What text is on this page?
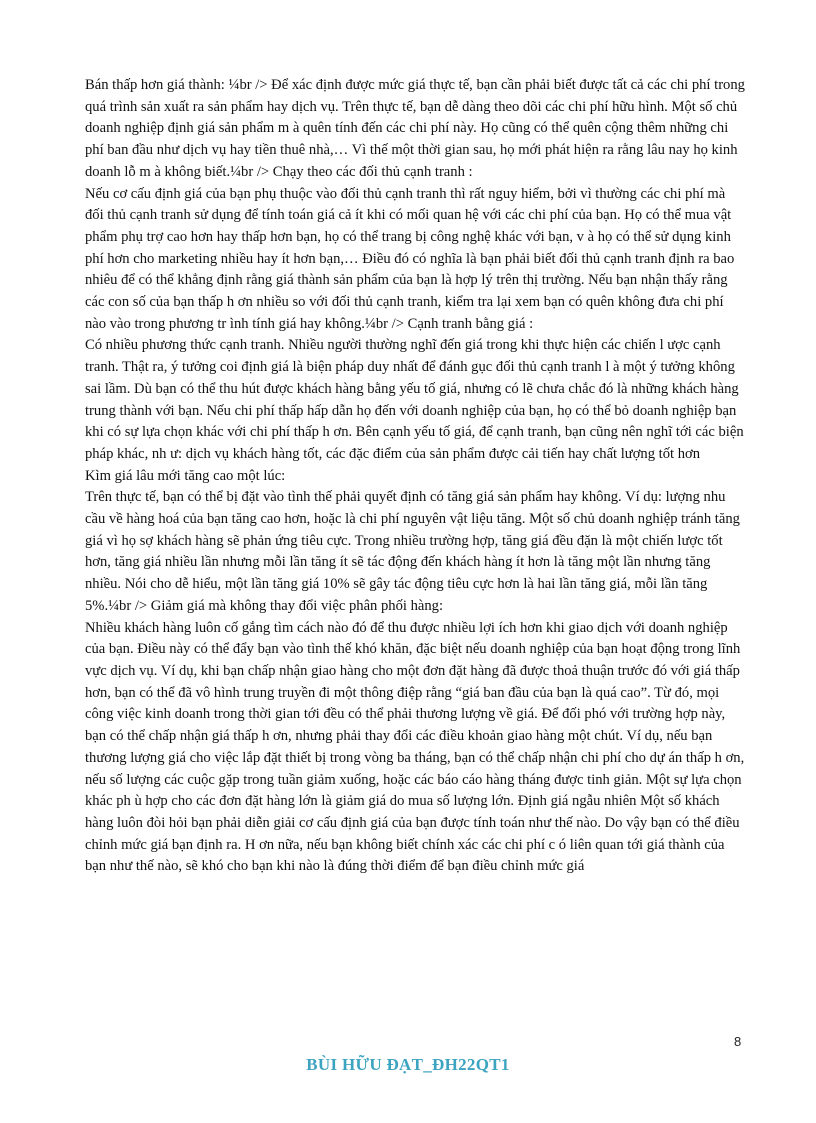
Bán thấp hơn giá thành: ¼br /> Để xác định được mức giá thực tế, bạn cần phải biết được tất cả các chi phí trong quá trình sản xuất ra sản phẩm hay dịch vụ. Trên thực tế, bạn dễ dàng theo dõi các chi phí hữu hình. Một số chủ doanh nghiệp định giá sản phẩm m à quên tính đến các chi phí này. Họ cũng có thể quên cộng thêm những chi phí ban đầu như dịch vụ hay tiền thuê nhà,… Vì thế một thời gian sau, họ mới phát hiện ra rằng lâu nay họ kinh doanh lỗ m à không biết.¼br /> Chạy theo các đối thủ cạnh tranh :
Nếu cơ cấu định giá của bạn phụ thuộc vào đối thủ cạnh tranh thì rất nguy hiểm, bởi vì thường các chi phí mà đối thủ cạnh tranh sử dụng để tính toán giá cả ít khi có mối quan hệ với các chi phí của bạn. Họ có thể mua vật phẩm phụ trợ cao hơn hay thấp hơn bạn, họ có thể trang bị công nghệ khác với bạn, v à họ có thể sử dụng kinh phí hơn cho marketing nhiều hay ít hơn bạn,… Điều đó có nghĩa là bạn phải biết đối thủ cạnh tranh định ra bao nhiêu để có thể khẳng định rằng giá thành sản phẩm của bạn là hợp lý trên thị trường. Nếu bạn nhận thấy rằng các con số của bạn thấp h ơn nhiều so với đối thủ cạnh tranh, kiểm tra lại xem bạn có quên không đưa chi phí nào vào trong phương tr ình tính giá hay không.¼br /> Cạnh tranh bằng giá :
Có nhiều phương thức cạnh tranh. Nhiều người thường nghĩ đến giá trong khi thực hiện các chiến l ược cạnh tranh. Thật ra, ý tưởng coi định giá là biện pháp duy nhất để đánh gục đối thủ cạnh tranh l à một ý tưởng không sai lầm. Dù bạn có thể thu hút được khách hàng bằng yếu tố giá, nhưng có lẽ chưa chắc đó là những khách hàng trung thành với bạn. Nếu chi phí thấp hấp dẫn họ đến với doanh nghiệp của bạn, họ có thể bỏ doanh nghiệp bạn khi có sự lựa chọn khác với chi phí thấp h ơn. Bên cạnh yếu tố giá, để cạnh tranh, bạn cũng nên nghĩ tới các biện pháp khác, nh ư: dịch vụ khách hàng tốt, các đặc điểm của sản phẩm được cải tiến hay chất lượng tốt hơn
Kìm giá lâu mới tăng cao một lúc:
Trên thực tế, bạn có thể bị đặt vào tình thế phải quyết định có tăng giá sản phẩm hay không. Ví dụ: lượng nhu cầu về hàng hoá của bạn tăng cao hơn, hoặc là chi phí nguyên vật liệu tăng. Một số chủ doanh nghiệp tránh tăng giá vì họ sợ khách hàng sẽ phản ứng tiêu cực. Trong nhiều trường hợp, tăng giá đều đặn là một chiến lược tốt hơn, tăng giá nhiều lần nhưng mỗi lần tăng ít sẽ tác động đến khách hàng ít hơn là tăng một lần nhưng tăng nhiều. Nói cho dễ hiểu, một lần tăng giá 10% sẽ gây tác động tiêu cực hơn là hai lần tăng giá, mỗi lần tăng 5%.¼br /> Giảm giá mà không thay đổi việc phân phối hàng:
Nhiều khách hàng luôn cố gắng tìm cách nào đó để thu được nhiều lợi ích hơn khi giao dịch với doanh nghiệp của bạn. Điều này có thể đẩy bạn vào tình thế khó khăn, đặc biệt nếu doanh nghiệp của bạn hoạt động trong lĩnh vực dịch vụ. Ví dụ, khi bạn chấp nhận giao hàng cho một đơn đặt hàng đã được thoả thuận trước đó với giá thấp hơn, bạn có thể đã vô hình trung truyền đi một thông điệp rằng “giá ban đầu của bạn là quá cao”. Từ đó, mọi công việc kinh doanh trong thời gian tới đều có thể phải thương lượng về giá. Để đối phó với trường hợp này, bạn có thể chấp nhận giá thấp h ơn, nhưng phải thay đổi các điều khoản giao hàng một chút. Ví dụ, nếu bạn thương lượng giá cho việc lắp đặt thiết bị trong vòng ba tháng, bạn có thể chấp nhận chi phí cho dự án thấp h ơn, nếu số lượng các cuộc gặp trong tuần giảm xuống, hoặc các báo cáo hàng tháng được tinh giản. Một sự lựa chọn khác ph ù hợp cho các đơn đặt hàng lớn là giảm giá do mua số lượng lớn. Định giá ngẫu nhiên Một số khách hàng luôn đòi hỏi bạn phải diễn giải cơ cấu định giá của bạn được tính toán như thế nào. Do vậy bạn có thể điều chỉnh mức giá bạn định ra. H ơn nữa, nếu bạn không biết chính xác các chi phí c ó liên quan tới giá thành của bạn như thế nào, sẽ khó cho bạn khi nào là đúng thời điểm để bạn điều chỉnh mức giá
8
BÙI HỮU ĐẠT_ĐH22QT1
